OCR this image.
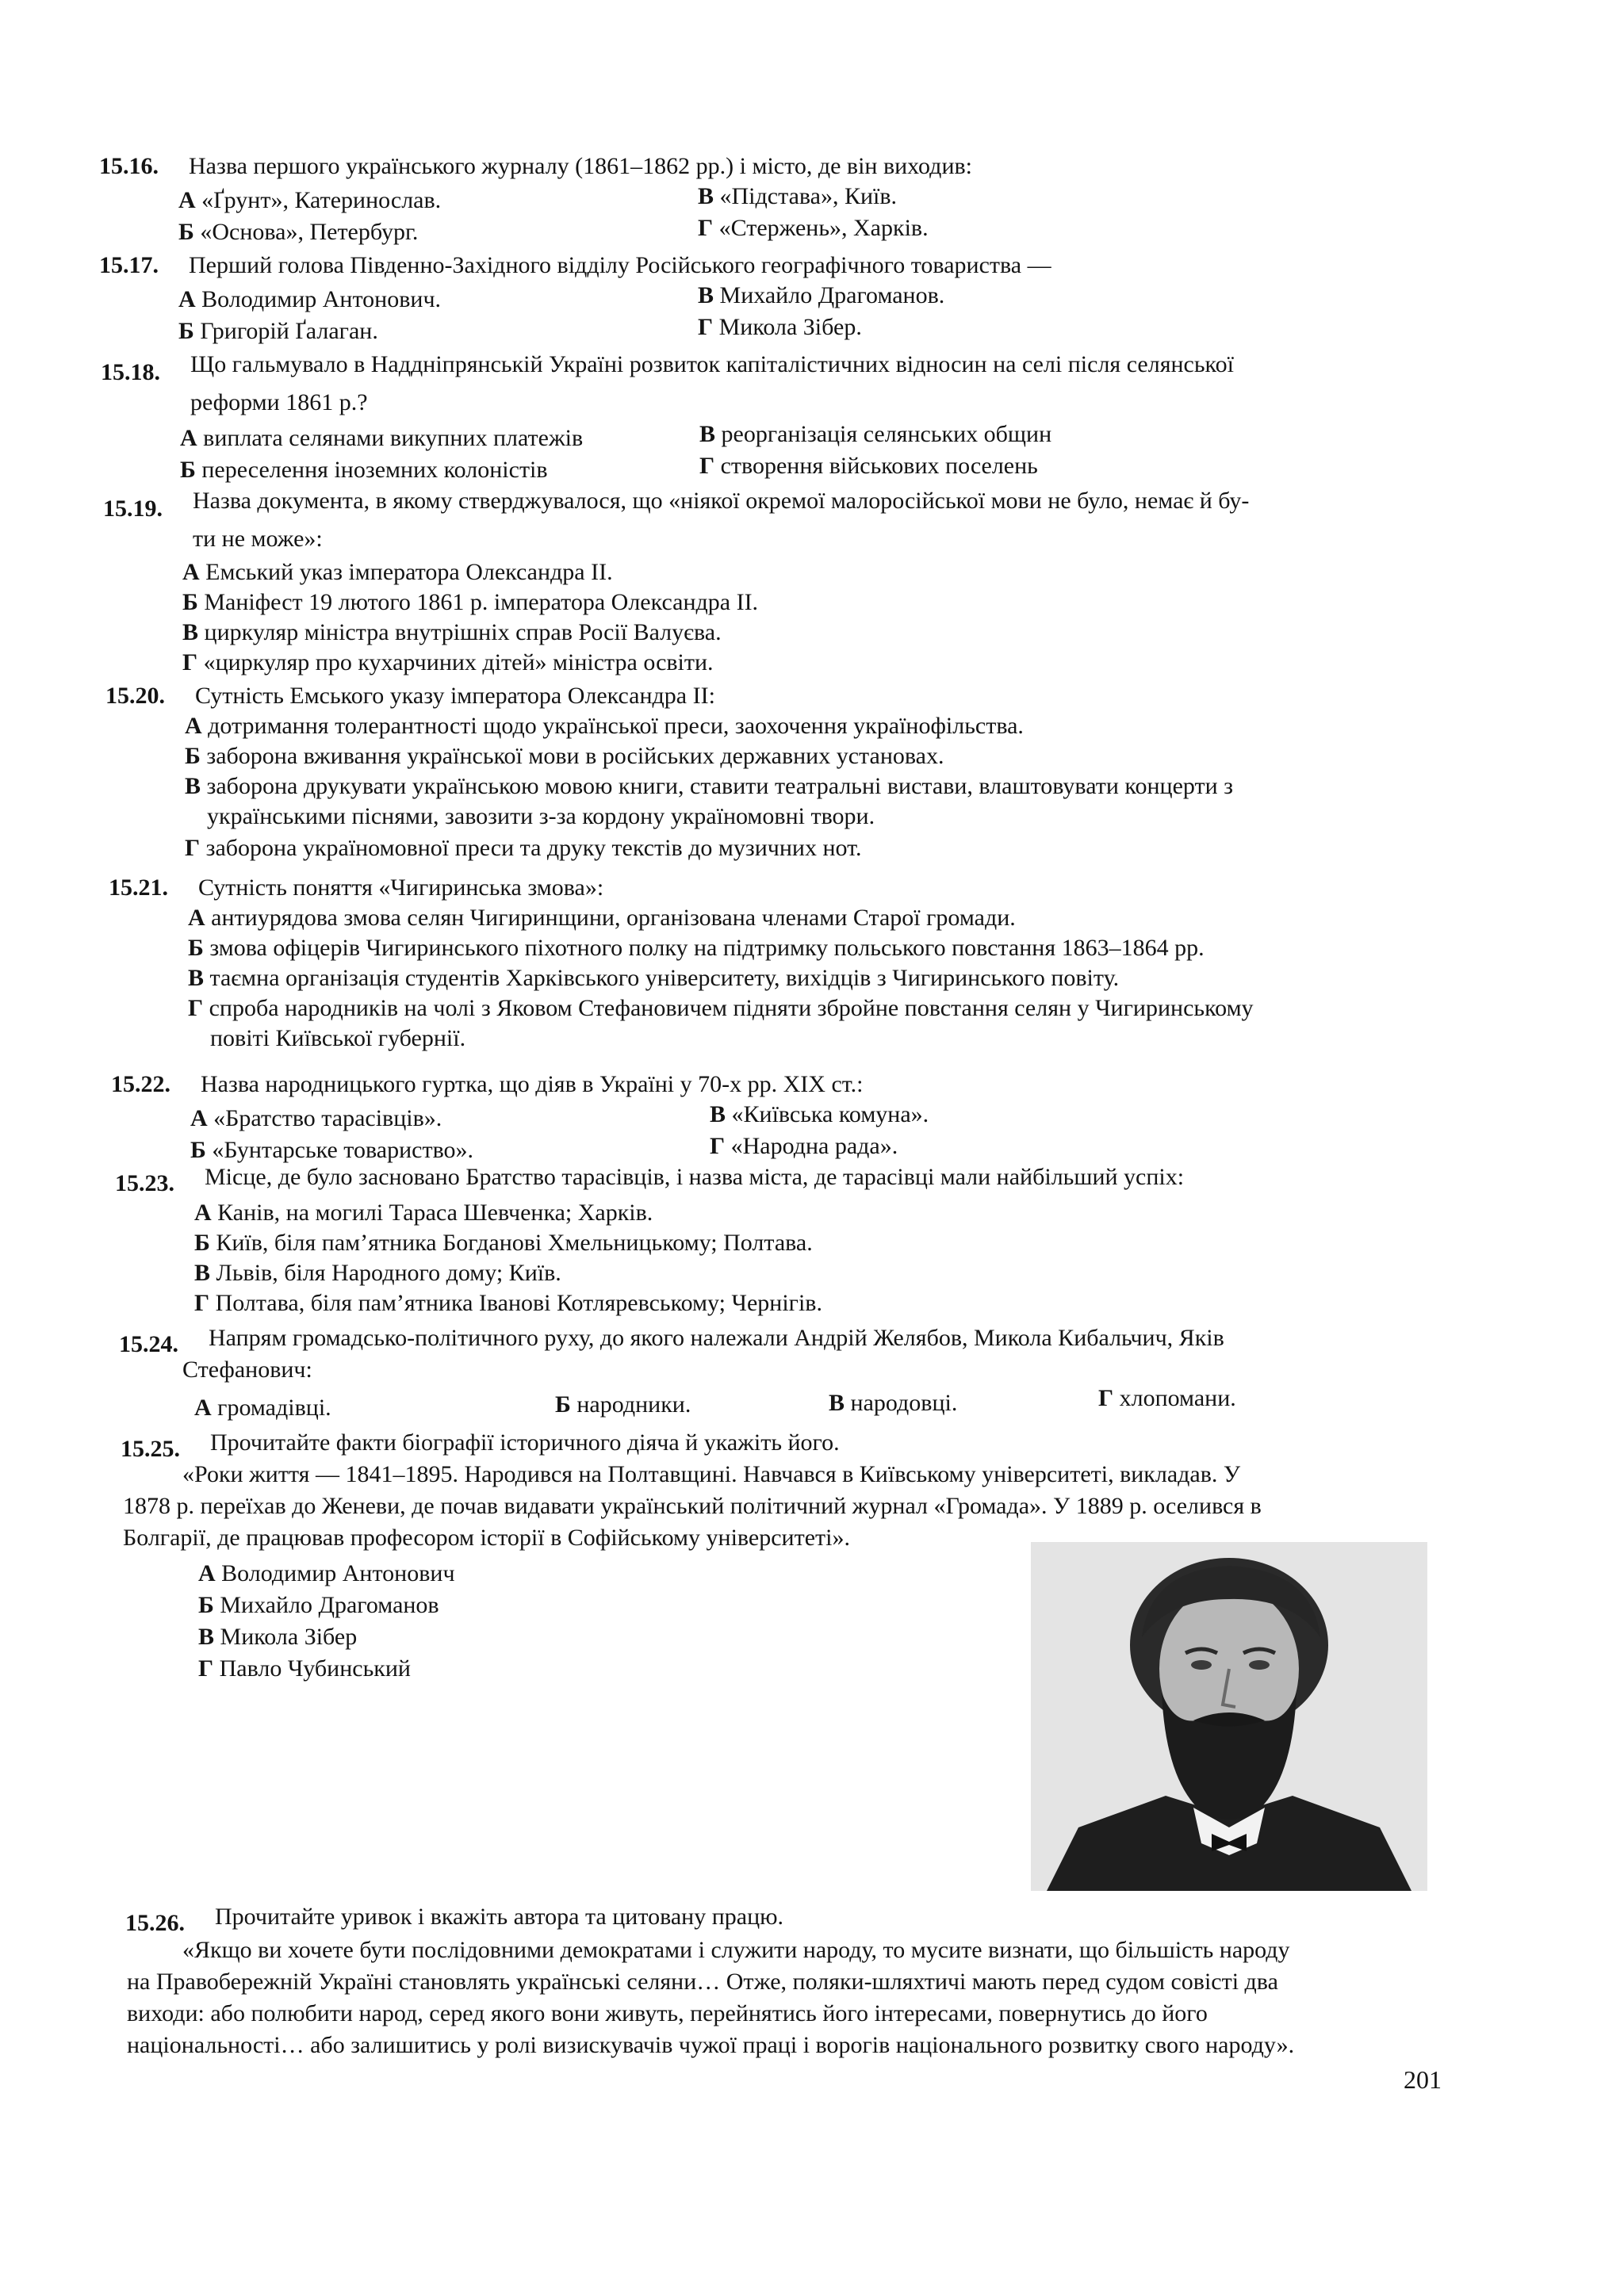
15.16. Назва першого українського журналу (1861–1862 рр.) і місто, де він виходив:
А «Ґрунт», Катеринослав.	В «Підстава», Київ.
Б «Основа», Петербург.	Г «Стержень», Харків.
15.17. Перший голова Південно-Західного відділу Російського географічного товариства —
А Володимир Антонович.	В Михайло Драгоманов.
Б Григорій Ґалаган.	Г Микола Зібер.
15.18. Що гальмувало в Наддніпрянській Україні розвиток капіталістичних відносин на селі після селянської
реформи 1861 р.?
А виплата селянами викупних платежів	В реорганізація селянських общин
Б переселення іноземних колоністів	Г створення військових поселень
15.19. Назва документа, в якому стверджувалося, що «ніякої окремої малоросійської мови не було, немає й бу-
ти не може»:
А Емський указ імператора Олександра II.
Б Маніфест 19 лютого 1861 р. імператора Олександра II.
В циркуляр міністра внутрішніх справ Росії Валуєва.
Г «циркуляр про кухарчиних дітей» міністра освіти.
15.20. Сутність Емського указу імператора Олександра II:
А дотримання толерантності щодо української преси, заохочення українофільства.
Б заборона вживання української мови в російських державних установах.
В заборона друкувати українською мовою книги, ставити театральні вистави, влаштовувати концерти з
українськими піснями, завозити з-за кордону україномовні твори.
Г заборона україномовної преси та друку текстів до музичних нот.
15.21. Сутність поняття «Чигиринська змова»:
А антиурядова змова селян Чигиринщини, організована членами Старої громади.
Б змова офіцерів Чигиринського піхотного полку на підтримку польського повстання 1863–1864 рр.
В таємна організація студентів Харківського університету, вихідців з Чигиринського повіту.
Г спроба народників на чолі з Яковом Стефановичем підняти збройне повстання селян у Чигиринському
повіті Київської губернії.
15.22. Назва народницького гуртка, що діяв в Україні у 70-х рр. XIX ст.:
А «Братство тарасівців».	В «Київська комуна».
Б «Бунтарське товариство».	Г «Народна рада».
15.23. Місце, де було засновано Братство тарасівців, і назва міста, де тарасівці мали найбільший успіх:
А Канів, на могилі Тараса Шевченка; Харків.
Б Київ, біля пам’ятника Богданові Хмельницькому; Полтава.
В Львів, біля Народного дому; Київ.
Г Полтава, біля пам’ятника Іванові Котляревському; Чернігів.
15.24. Напрям громадсько-політичного руху, до якого належали Андрій Желябов, Микола Кибальчич, Яків
Стефанович:
А громадівці.	Б народники.	В народовці.	Г хлопомани.
15.25. Прочитайте факти біографії історичного діяча й укажіть його.
«Роки життя — 1841–1895. Народився на Полтавщині. Навчався в Київському університеті, викладав. У
1878 р. переїхав до Женеви, де почав видавати український політичний журнал «Громада». У 1889 р. оселився в
Болгарії, де працював професором історії в Софійському університеті».
А Володимир Антонович
Б Михайло Драгоманов
В Микола Зібер
Г Павло Чубинський
15.26. Прочитайте уривок і вкажіть автора та цитовану працю.
«Якщо ви хочете бути послідовними демократами і служити народу, то мусите визнати, що більшість народу
на Правобережній Україні становлять українські селяни… Отже, поляки-шляхтичі мають перед судом совісті два
виходи: або полюбити народ, серед якого вони живуть, перейнятись його інтересами, повернутись до його
національності… або залишитись у ролі визискувачів чужої праці і ворогів національного розвитку свого народу».
201
